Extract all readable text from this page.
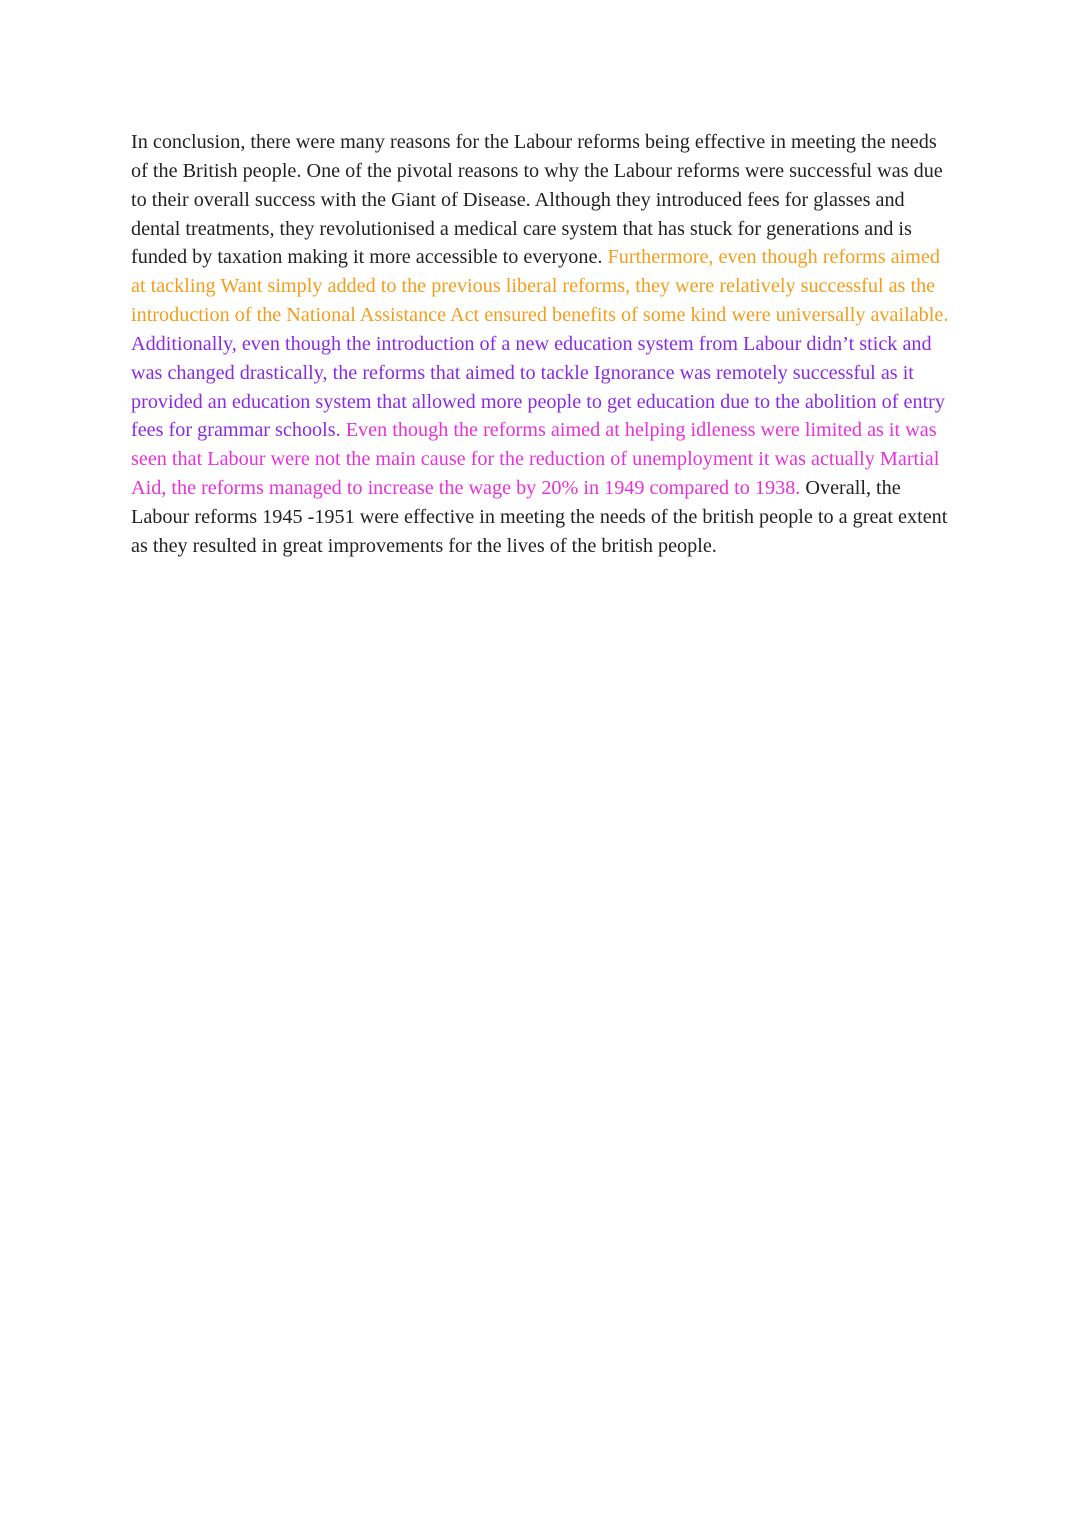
In conclusion, there were many reasons for the Labour reforms being effective in meeting the needs of the British people. One of the pivotal reasons to why the Labour reforms were successful was due to their overall success with the Giant of Disease. Although they introduced fees for glasses and dental treatments, they revolutionised a medical care system that has stuck for generations and is funded by taxation making it more accessible to everyone. Furthermore, even though reforms aimed at tackling Want simply added to the previous liberal reforms, they were relatively successful as the introduction of the National Assistance Act ensured benefits of some kind were universally available. Additionally, even though the introduction of a new education system from Labour didn’t stick and was changed drastically, the reforms that aimed to tackle Ignorance was remotely successful as it provided an education system that allowed more people to get education due to the abolition of entry fees for grammar schools. Even though the reforms aimed at helping idleness were limited as it was seen that Labour were not the main cause for the reduction of unemployment it was actually Martial Aid, the reforms managed to increase the wage by 20% in 1949 compared to 1938. Overall, the Labour reforms 1945 -1951 were effective in meeting the needs of the british people to a great extent as they resulted in great improvements for the lives of the british people.
